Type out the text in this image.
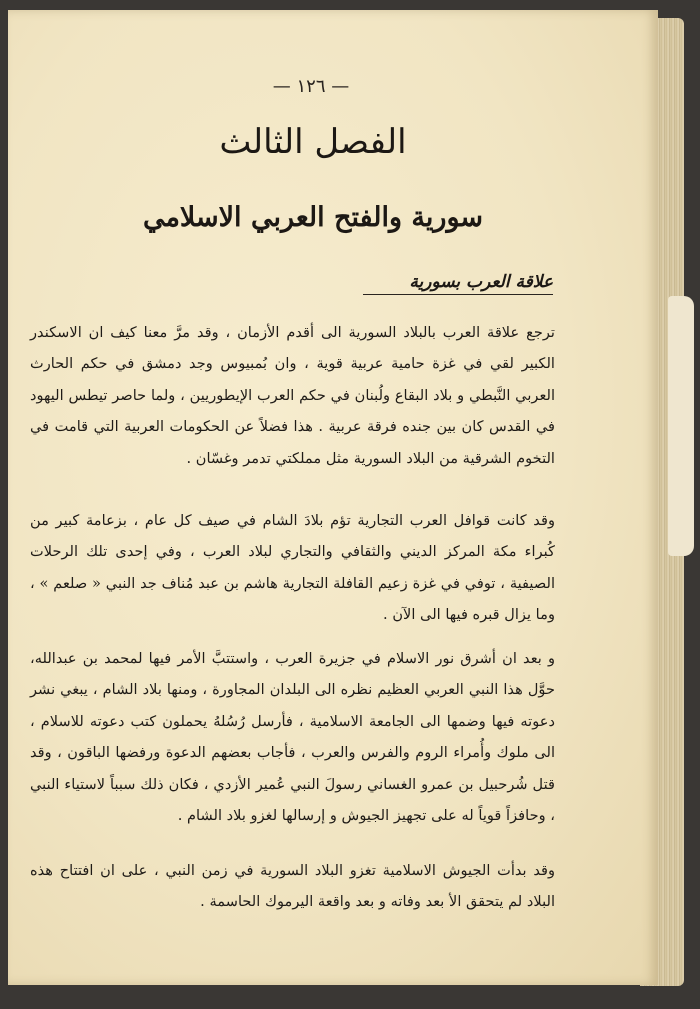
— ١٢٦ —
الفصل الثالث
سورية والفتح العربي الاسلامي
علاقة العرب بسورية

ترجع علاقة العرب بالبلاد السورية الى أقدم الأزمان ، وقد مرَّ معنا كيف ان الاسكندر الكبير لقي في غزة حامية عربية قوية ، وان بُمبيوس وجد دمشق في حكم الحارث العربي النَّبطي و بلاد البقاع ولُبنان في حكم العرب الإيطوريين ، ولما حاصر تيطس اليهود في القدس كان بين جنده فرقة عربية . هذا فضلاً عن الحكومات العربية التي قامت في التخوم الشرقية من البلاد السورية مثل مملكتي تدمر وغسّان .

وقد كانت قوافل العرب التجارية تؤم بلادَ الشام في صيف كل عام ، بزعامة كبير من كُبراء مكة المركز الديني والثقافي والتجاري لبلاد العرب ، وفي إحدى تلك الرحلات الصيفية ، توفي في غزة زعيم القافلة التجارية هاشم بن عبد مُناف جد النبي « صلعم » ، وما يزال قبره فيها الى الآن .

و بعد ان أشرق نور الاسلام في جزيرة العرب ، واستتبَّ الأمر فيها لمحمد بن عبدالله، حوَّل هذا النبي العربي العظيم نظره الى البلدان المجاورة ، ومنها بلاد الشام ، يبغي نشر دعوته فيها وضمها الى الجامعة الاسلامية ، فأرسل رُسُلهُ يحملون كتب دعوته للاسلام ، الى ملوك وأُمراء الروم والفرس والعرب ، فأجاب بعضهم الدعوة ورفضها الباقون ، وقد قتل شُرحبيل بن عمرو الغساني رسولَ النبي عُمير الأزدي ، فكان ذلك سبباً لاستياء النبي ، وحافزاً قوياً له على تجهيز الجيوش و إرسالها لغزو بلاد الشام .

وقد بدأت الجيوش الاسلامية تغزو البلاد السورية في زمن النبي ، على ان افتتاح هذه البلاد لم يتحقق الأ بعد وفاته و بعد واقعة اليرموك الحاسمة .
